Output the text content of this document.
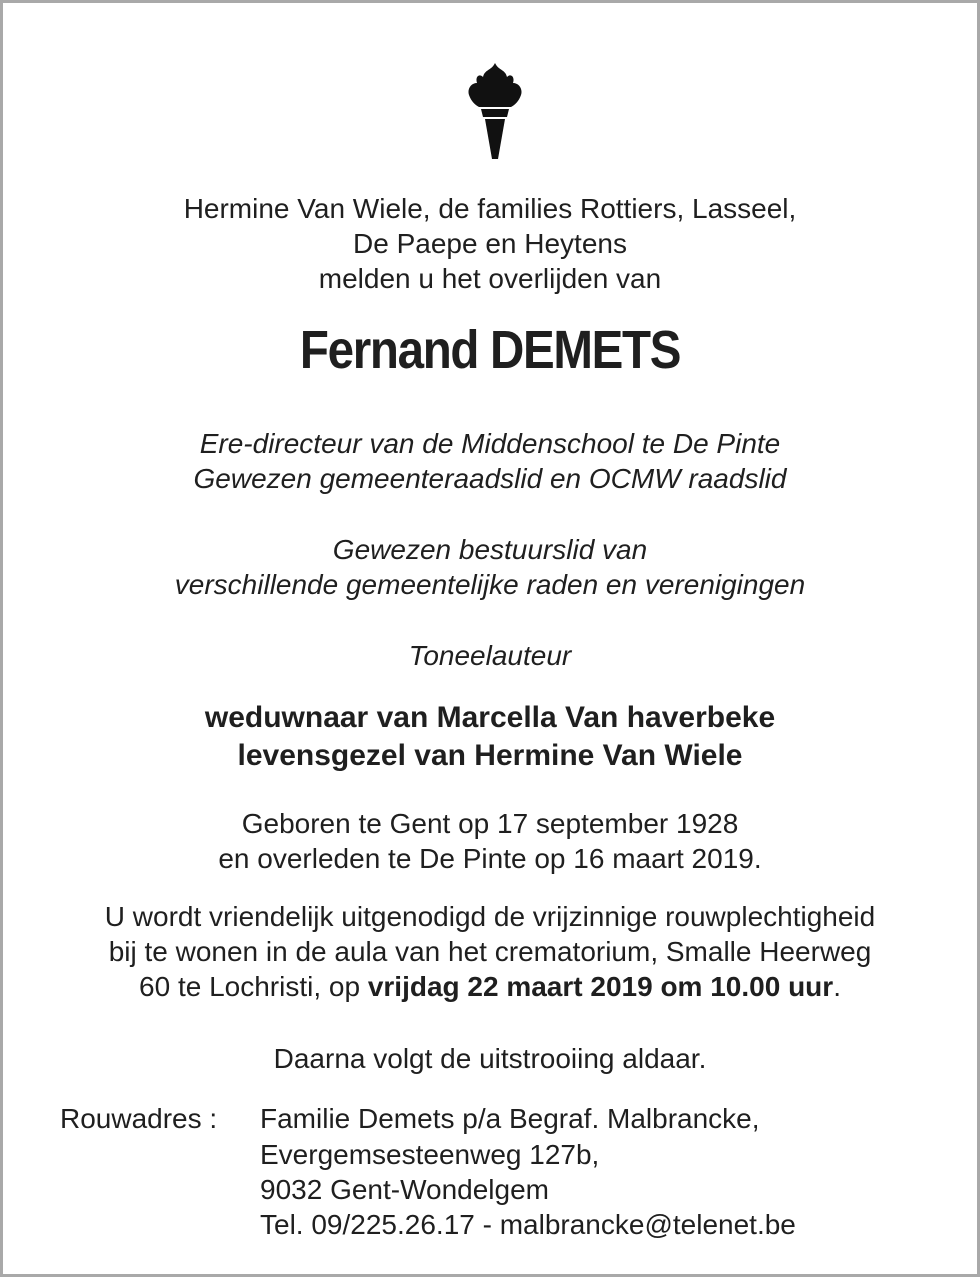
Hermine Van Wiele, de families Rottiers, Lasseel,
De Paepe en Heytens
melden u het overlijden van
Fernand DEMETS
Ere-directeur van de Middenschool te De Pinte
Gewezen gemeenteraadslid en OCMW raadslid
Gewezen bestuurslid van
verschillende gemeentelijke raden en verenigingen
Toneelauteur
weduwnaar van Marcella Van haverbeke
levensgezel van Hermine Van Wiele
Geboren te Gent op 17 september 1928
en overleden te De Pinte op 16 maart 2019.
U wordt vriendelijk uitgenodigd de vrijzinnige rouwplechtigheid
bij te wonen in de aula van het crematorium, Smalle Heerweg
60 te Lochristi, op vrijdag 22 maart 2019 om 10.00 uur.
Daarna volgt de uitstrooiing aldaar.
Rouwadres : Familie Demets p/a Begraf. Malbrancke,
Evergemsesteenweg 127b,
9032 Gent-Wondelgem
Tel. 09/225.26.17 - malbrancke@telenet.be
